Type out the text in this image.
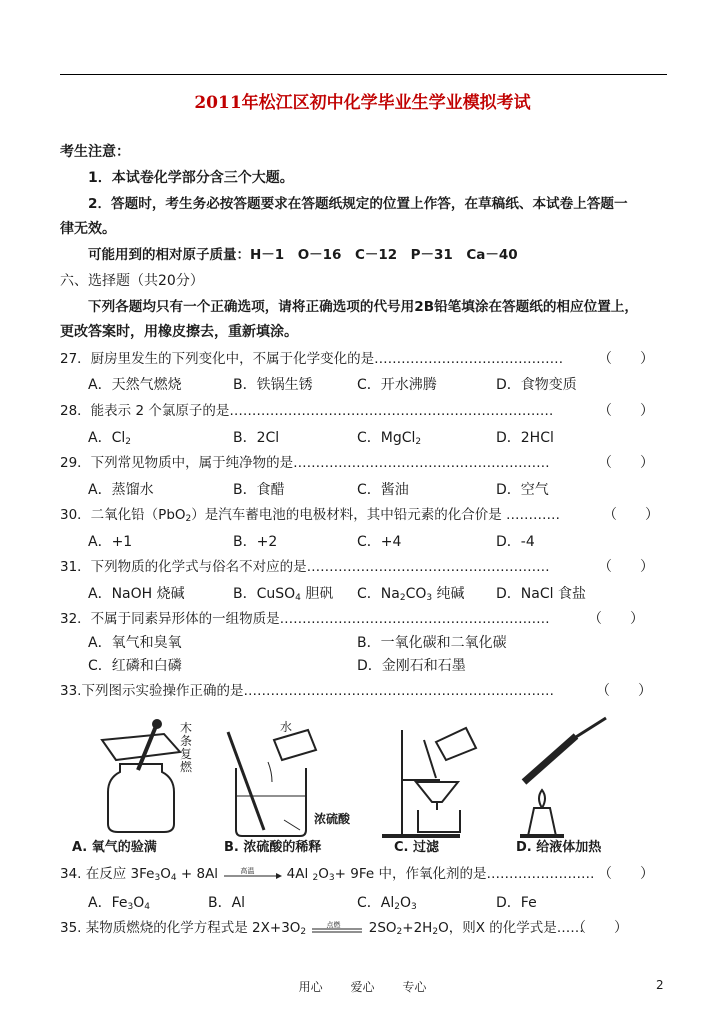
2011年松江区初中化学毕业生学业模拟考试
考生注意：
1．本试卷化学部分含三个大题。
2．答题时，考生务必按答题要求在答题纸规定的位置上作答，在草稿纸、本试卷上答题一
律无效。
可能用到的相对原子质量：H－1　O－16　C－12　P－31　Ca－40
六、选择题（共20分）
下列各题均只有一个正确选项，请将正确选项的代号用2B铅笔填涂在答题纸的相应位置上，
更改答案时，用橡皮擦去，重新填涂。
27．厨房里发生的下列变化中，不属于化学变化的是…………………………………… （　　）
A．天然气燃烧	B．铁锅生锈	C．开水沸腾	D．食物变质
28．能表示 2 个氯原子的是………………………………………………………………	（　　）
A．$Cl_2$	B．2Cl	C．MgCl$_2$	D．2HCl
29．下列常见物质中，属于纯净物的是…………………………………………………	（　　）
A．蒸馏水	B．食醋	C．酱油	D．空气
30．二氧化铅（PbO$_2$）是汽车蓄电池的电极材料，其中铅元素的化合价是 …………	（　　）
A．+1	B．+2	C．+4	D．-4
31．下列物质的化学式与俗名不对应的是………………………………………………	（　　）
A．NaOH 烧碱	B．CuSO$_4$ 胆矾 C．$Na_2CO_3$ 纯碱 D．NaCl 食盐
32．不属于同素异形体的一组物质是……………………………………………………	（　　）
A．氧气和臭氧	B．一氧化碳和二氧化碳
C．红磷和白磷	D．金刚石和石墨
33.下列图示实验操作正确的是……………………………………………………………	（　　）
木条复燃
水
浓硫酸
A. 氧气的验满	B. 浓硫酸的稀释	C. 过滤	D. 给液体加热
34. 在反应 $3Fe_3O_4 + 8Al$	高温 4Al $_2O_3+ 9Fe$ 中，作氧化剂的是…………………… （　　）
A．$Fe_3O_4$	B．Al	C．$Al_2O_3$	D．Fe
35. 某物质燃烧的化学方程式是 $2X+3O_2$
点燃 $2SO_2+2H_2O$，则X 的化学式是……
（　　）
用心 爱心 专心	2
